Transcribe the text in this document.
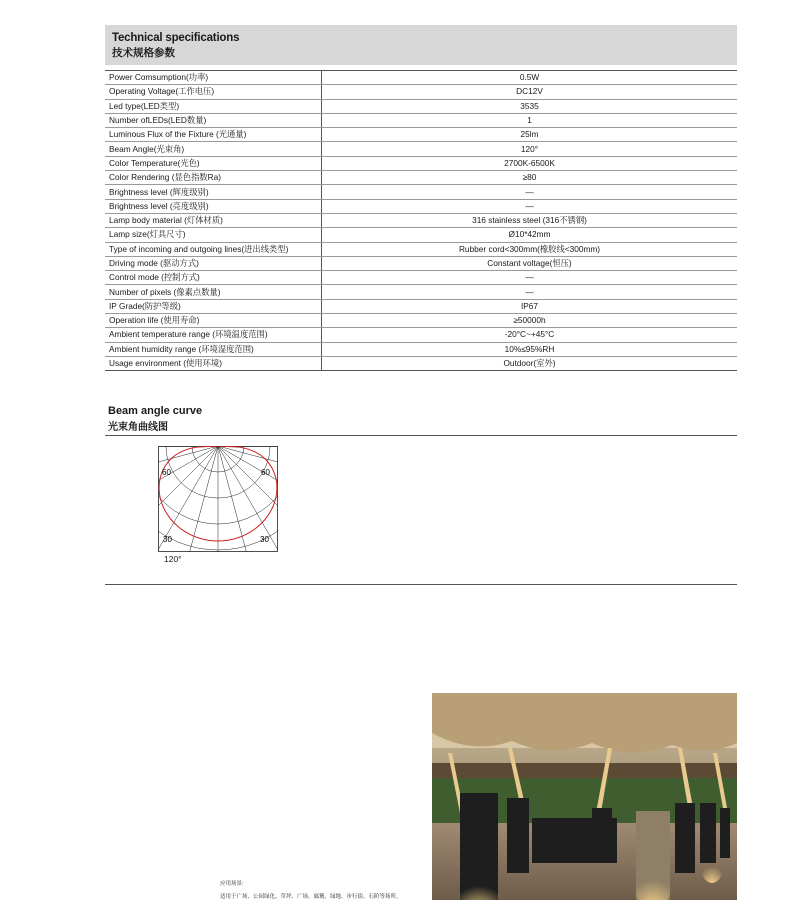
Technical specifications
技术规格参数
Power Comsumption(功率)	0.5W
Operating Voltage(工作电压)	DC12V
Led type(LED类型)	3535
Number ofLEDs(LED数量)	1
Luminous Flux of the Fixture (光通量)	25lm
Beam Angle(光束角)	120°
Color Temperature(光色)	2700K-6500K
Color Rendering (显色指数Ra)	≥80
Brightness level (辉度级别)	—
Brightness level (亮度级别)	—
Lamp body material (灯体材质)	316 stainless steel (316不锈钢)
Lamp size(灯具尺寸)	Ø10*42mm
Type of incoming and outgoing lines(进出线类型)	Rubber cord<300mm(橡胶线<300mm)
Driving mode (驱动方式)	Constant voltage(恒压)
Control mode (控制方式)	—
Number of pixels (像素点数量)	—
IP Grade(防护等级)	IP67
Operation life (使用寿命)	≥50000h
Ambient temperature range (环境温度范围)	-20°C~+45°C
Ambient humidity range (环境湿度范围)	10%≤95%RH
Usage environment (使用环境)	Outdoor(室外)
Beam angle curve
光束角曲线图
60	60
30	30
120°
应用场景:
适用于广场、公园绿化、草坪、广场、廊簷、绿地、步行街、石阶等场所。
